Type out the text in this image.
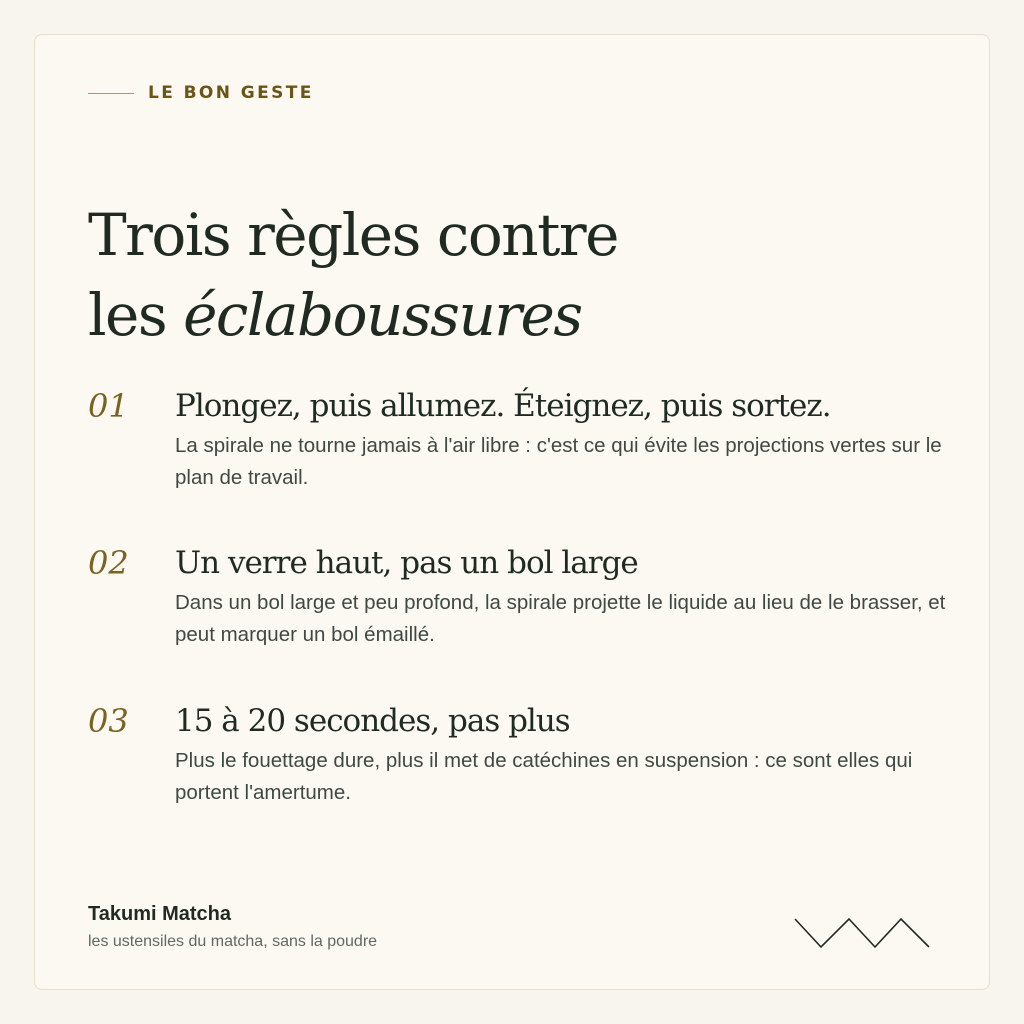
LE BON GESTE
Trois règles contre
les éclaboussures
01	Plongez, puis allumez. Éteignez, puis sortez.
La spirale ne tourne jamais à l'air libre : c'est ce qui évite les projections vertes sur le plan de travail.
02	Un verre haut, pas un bol large
Dans un bol large et peu profond, la spirale projette le liquide au lieu de le brasser, et peut marquer un bol émaillé.
03	15 à 20 secondes, pas plus
Plus le fouettage dure, plus il met de catéchines en suspension : ce sont elles qui portent l'amertume.
Takumi Matcha
les ustensiles du matcha, sans la poudre
